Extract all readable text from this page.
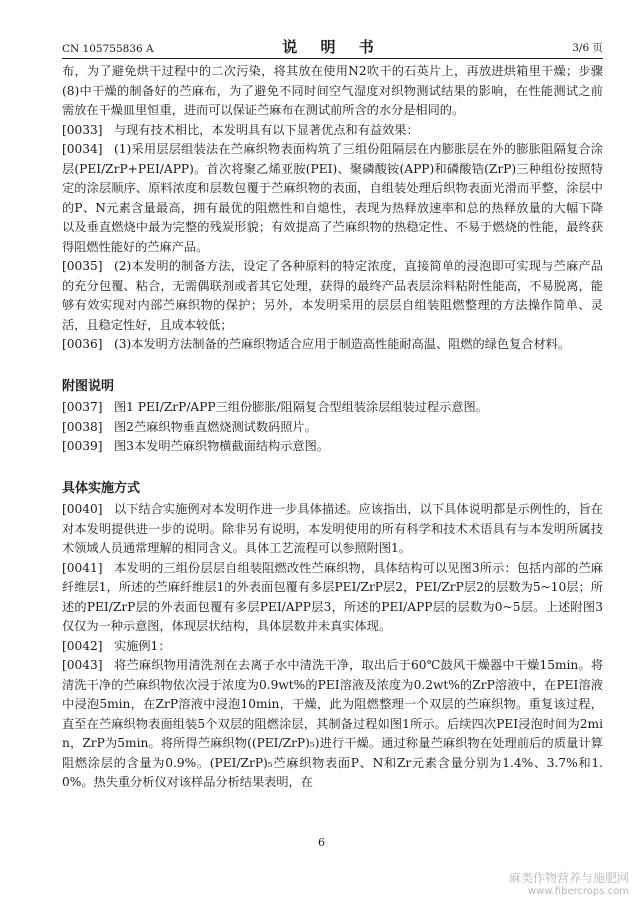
CN 105755836 A	说 明 书	3/6 页

布，为了避免烘干过程中的二次污染，将其放在使用N2吹干的石英片上，再放进烘箱里干燥；步骤(8)中干燥的制备好的苎麻布，为了避免不同时间空气湿度对织物测试结果的影响，在性能测试之前需放在干燥皿里恒重，进而可以保证苎麻布在测试前所含的水分是相同的。

[0033] 与现有技术相比，本发明具有以下显著优点和有益效果：

[0034] (1)采用层层组装法在苎麻织物表面构筑了三组份阻隔层在内膨胀层在外的膨胀阻隔复合涂层(PEI/ZrP+PEI/APP)。首次将聚乙烯亚胺(PEI)、聚磷酸铵(APP)和磷酸锆(ZrP)三种组份按照特定的涂层顺序、原料浓度和层数包覆于苎麻织物的表面，自组装处理后织物表面光滑而平整，涂层中的P、N元素含量最高，拥有最优的阻燃性和自熄性，表现为热释放速率和总的热释放量的大幅下降以及垂直燃烧中最为完整的残炭形貌；有效提高了苎麻织物的热稳定性、不易于燃烧的性能，最终获得阻燃性能好的苎麻产品。

[0035] (2)本发明的制备方法，设定了各种原料的特定浓度，直接简单的浸泡即可实现与苎麻产品的充分包覆、粘合，无需偶联剂或者其它处理，获得的最终产品表层涂料粘附性能高，不易脱离，能够有效实现对内部苎麻织物的保护；另外，本发明采用的层层自组装阻燃整理的方法操作简单、灵活，且稳定性好，且成本较低；

[0036] (3)本发明方法制备的苎麻织物适合应用于制造高性能耐高温、阻燃的绿色复合材料。

附图说明

[0037] 图1 PEI/ZrP/APP三组份膨胀/阻隔复合型组装涂层组装过程示意图。

[0038] 图2苎麻织物垂直燃烧测试数码照片。

[0039] 图3本发明苎麻织物横截面结构示意图。

具体实施方式

[0040] 以下结合实施例对本发明作进一步具体描述。应该指出，以下具体说明都是示例性的，旨在对本发明提供进一步的说明。除非另有说明，本发明使用的所有科学和技术术语具有与本发明所属技术领域人员通常理解的相同含义。具体工艺流程可以参照附图1。

[0041] 本发明的三组份层层自组装阻燃改性苎麻织物，具体结构可以见图3所示：包括内部的苎麻纤维层1，所述的苎麻纤维层1的外表面包覆有多层PEI/ZrP层2，PEI/ZrP层2的层数为5~10层；所述的PEI/ZrP层的外表面包覆有多层PEI/APP层3，所述的PEI/APP层的层数为0~5层。上述附图3仅仅为一种示意图，体现层状结构，具体层数并未真实体现。

[0042] 实施例1：

[0043] 将苎麻织物用清洗剂在去离子水中清洗干净，取出后于60℃鼓风干燥器中干燥15min。将清洗干净的苎麻织物依次浸于浓度为0.9wt%的PEI溶液及浓度为0.2wt%的ZrP溶液中，在PEI溶液中浸泡5min，在ZrP溶液中浸泡10min，干燥，此为阻燃整理一个双层的苎麻织物。重复该过程，直至在苎麻织物表面组装5个双层的阻燃涂层，其制备过程如图1所示。后续四次PEI浸泡时间为2min，ZrP为5min。将所得苎麻织物((PEI/ZrP)₅)进行干燥。通过称量苎麻织物在处理前后的质量计算阻燃涂层的含量为0.9%。(PEI/ZrP)₅苎麻织物表面P、N和Zr元素含量分别为1.4%、3.7%和1.0%。热失重分析仪对该样品分析结果表明，在

6
麻类作物营养与施肥网
www.fibercrops.com
